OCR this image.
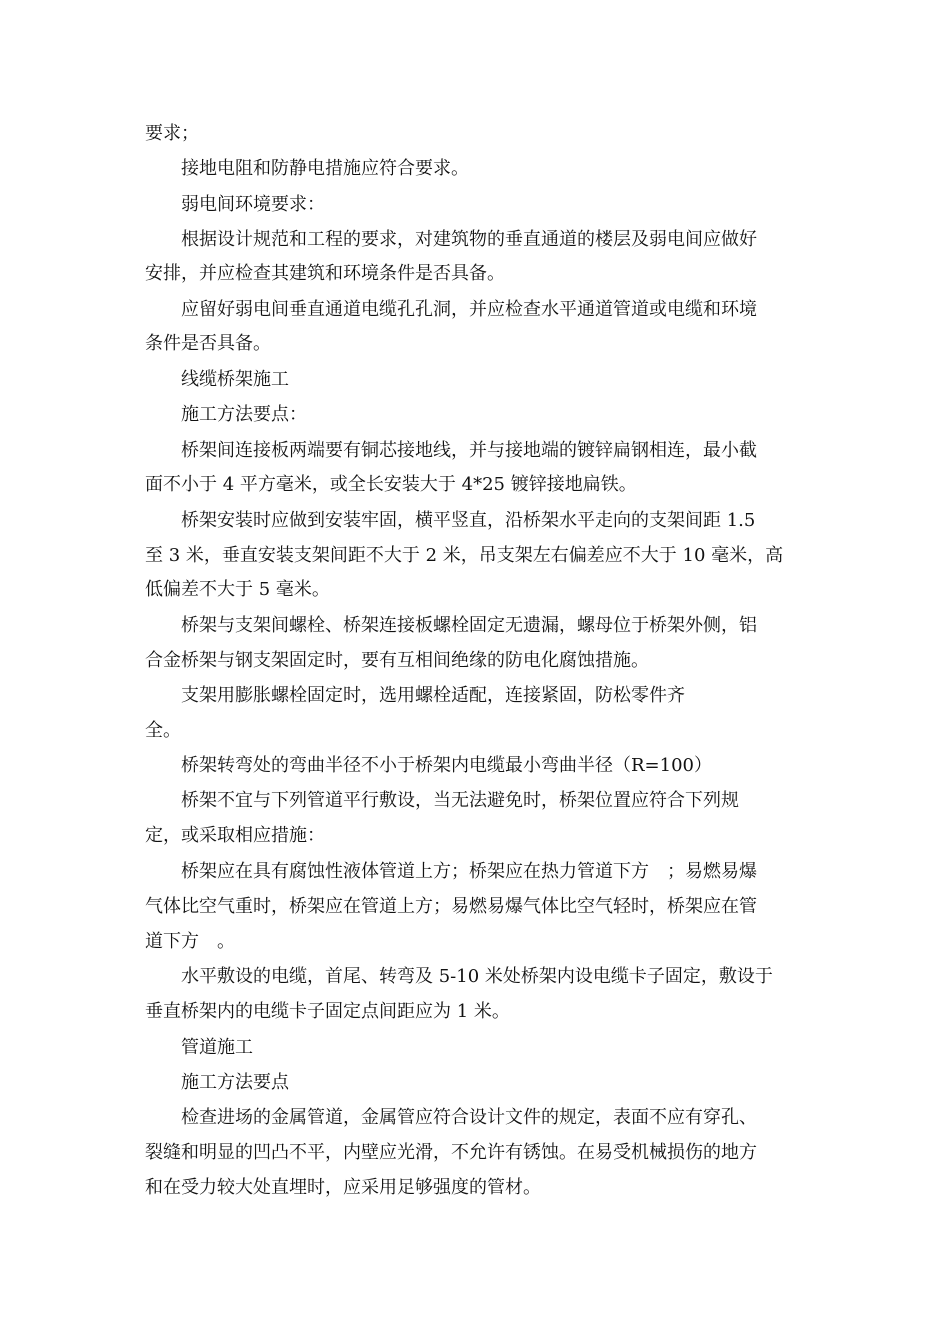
要求；
接地电阻和防静电措施应符合要求。
弱电间环境要求：
根据设计规范和工程的要求，对建筑物的垂直通道的楼层及弱电间应做好
安排，并应检查其建筑和环境条件是否具备。
应留好弱电间垂直通道电缆孔孔洞，并应检查水平通道管道或电缆和环境
条件是否具备。
线缆桥架施工
施工方法要点：
桥架间连接板两端要有铜芯接地线，并与接地端的镀锌扁钢相连，最小截
面不小于 4 平方毫米，或全长安装大于 4*25 镀锌接地扁铁。
桥架安装时应做到安装牢固，横平竖直，沿桥架水平走向的支架间距 1.5
至 3 米，垂直安装支架间距不大于 2 米，吊支架左右偏差应不大于 10 毫米，高
低偏差不大于 5 毫米。
桥架与支架间螺栓、桥架连接板螺栓固定无遗漏，螺母位于桥架外侧，铝
合金桥架与钢支架固定时，要有互相间绝缘的防电化腐蚀措施。
支架用膨胀螺栓固定时，选用螺栓适配，连接紧固，防松零件齐
全。
桥架转弯处的弯曲半径不小于桥架内电缆最小弯曲半径（R=100）
桥架不宜与下列管道平行敷设，当无法避免时，桥架位置应符合下列规
定，或采取相应措施：
桥架应在具有腐蚀性液体管道上方；桥架应在热力管道下方　；易燃易爆
气体比空气重时，桥架应在管道上方；易燃易爆气体比空气轻时，桥架应在管
道下方　。
水平敷设的电缆，首尾、转弯及 5-10 米处桥架内设电缆卡子固定，敷设于
垂直桥架内的电缆卡子固定点间距应为 1 米。
管道施工
施工方法要点
检查进场的金属管道，金属管应符合设计文件的规定，表面不应有穿孔、
裂缝和明显的凹凸不平，内壁应光滑，不允许有锈蚀。在易受机械损伤的地方
和在受力较大处直埋时，应采用足够强度的管材。
